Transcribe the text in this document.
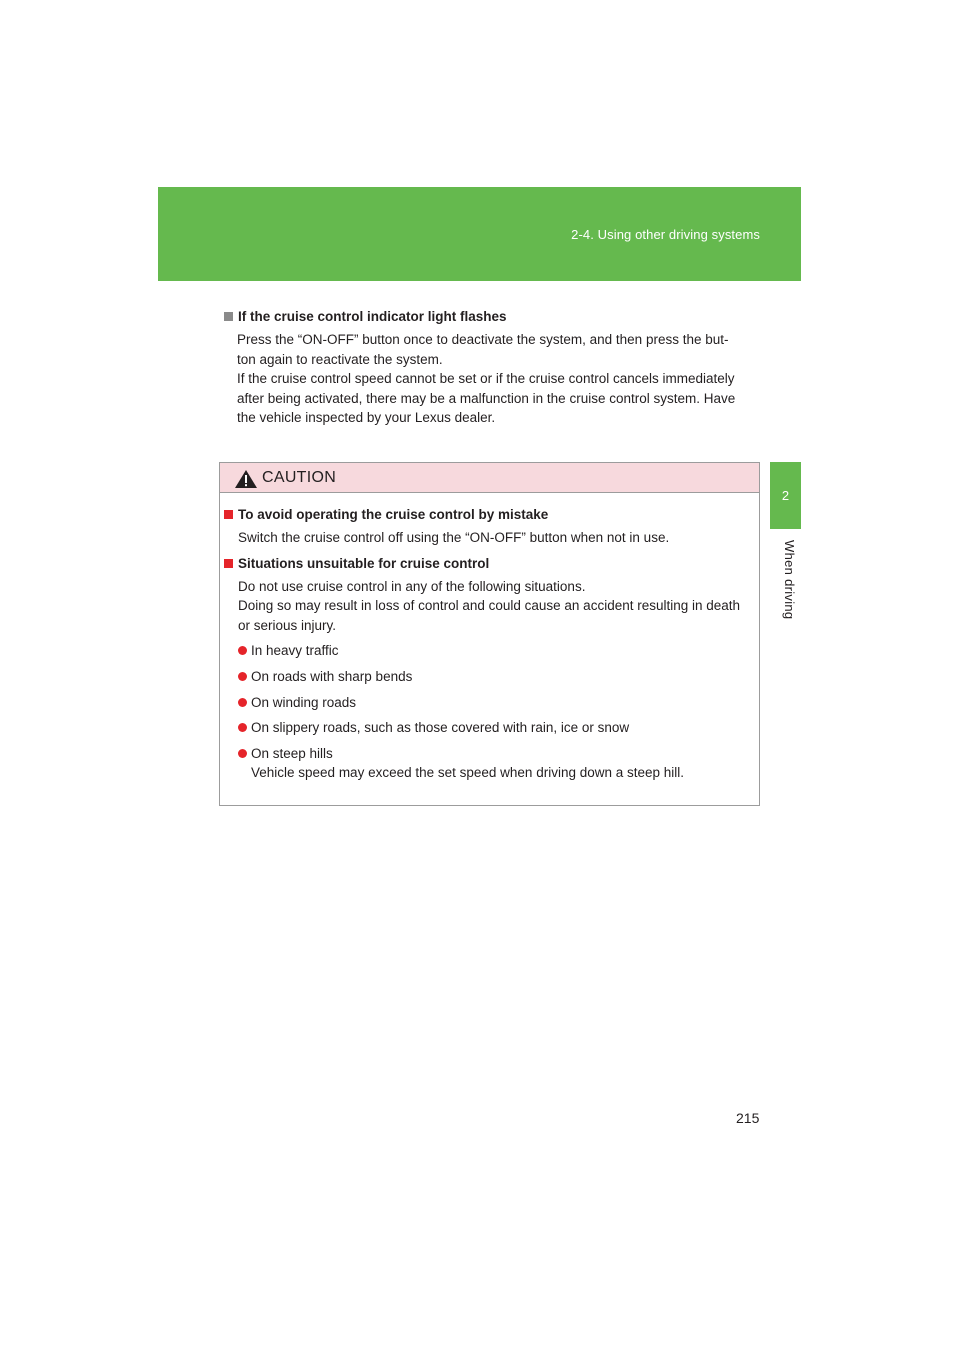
2-4. Using other driving systems
2
When driving
If the cruise control indicator light flashes

Press the “ON-OFF” button once to deactivate the system, and then press the but-

ton again to reactivate the system.

If the cruise control speed cannot be set or if the cruise control cancels immediately

after being activated, there may be a malfunction in the cruise control system. Have

the vehicle inspected by your Lexus dealer.

CAUTION
To avoid operating the cruise control by mistake

Switch the cruise control off using the “ON-OFF” button when not in use.

Situations unsuitable for cruise control

Do not use cruise control in any of the following situations.

Doing so may result in loss of control and could cause an accident resulting in death

or serious injury.

In heavy traffic
On roads with sharp bends
On winding roads
On slippery roads, such as those covered with rain, ice or snow
On steep hills
Vehicle speed may exceed the set speed when driving down a steep hill.
215
